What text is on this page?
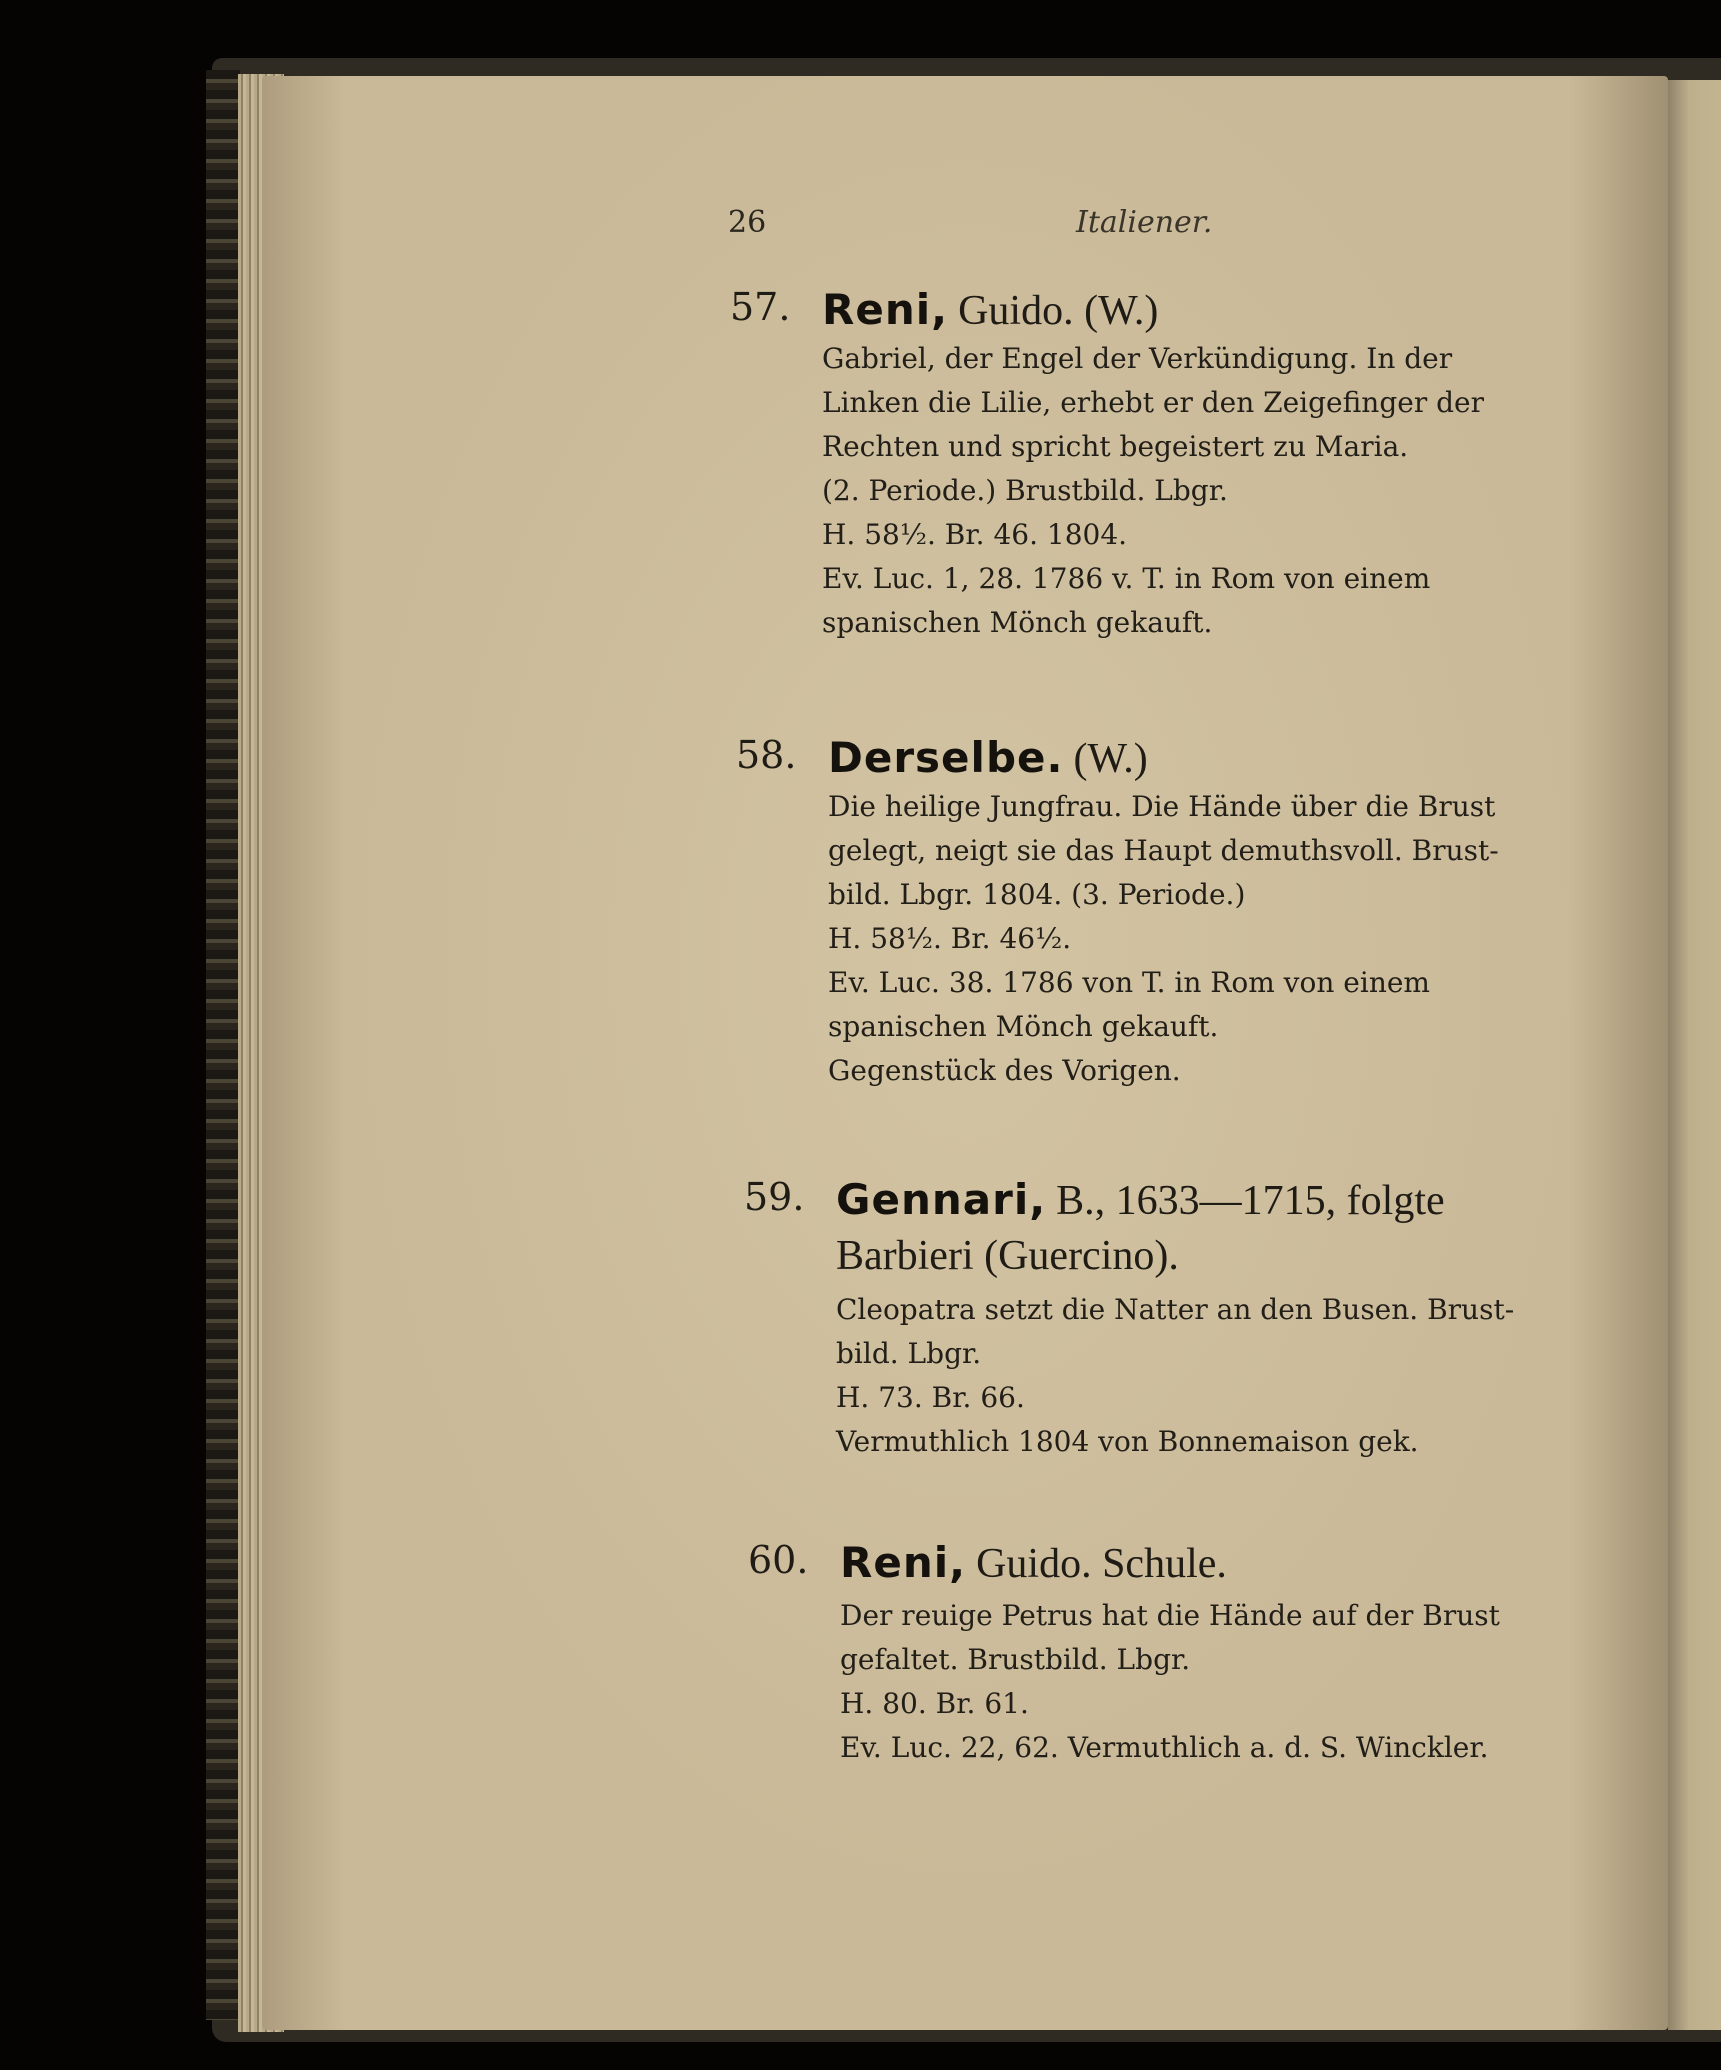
26	Italiener.
57. Reni, Guido. (W.)
Gabriel, der Engel der Verkündigung. In der
Linken die Lilie, erhebt er den Zeigefinger der
Rechten und spricht begeistert zu Maria.
(2. Periode.) Brustbild. Lbgr.
H. 58½. Br. 46. 1804.
Ev. Luc. 1, 28. 1786 v. T. in Rom von einem
spanischen Mönch gekauft.
58. Derselbe. (W.)
Die heilige Jungfrau. Die Hände über die Brust
gelegt, neigt sie das Haupt demuthsvoll. Brust-
bild. Lbgr. 1804. (3. Periode.)
H. 58½. Br. 46½.
Ev. Luc. 38. 1786 von T. in Rom von einem
spanischen Mönch gekauft.
Gegenstück des Vorigen.
59. Gennari, B., 1633—1715, folgte
Barbieri (Guercino).
Cleopatra setzt die Natter an den Busen. Brust-
bild. Lbgr.
H. 73. Br. 66.
Vermuthlich 1804 von Bonnemaison gek.
60. Reni, Guido. Schule.
Der reuige Petrus hat die Hände auf der Brust
gefaltet. Brustbild. Lbgr.
H. 80. Br. 61.
Ev. Luc. 22, 62. Vermuthlich a. d. S. Winckler.
